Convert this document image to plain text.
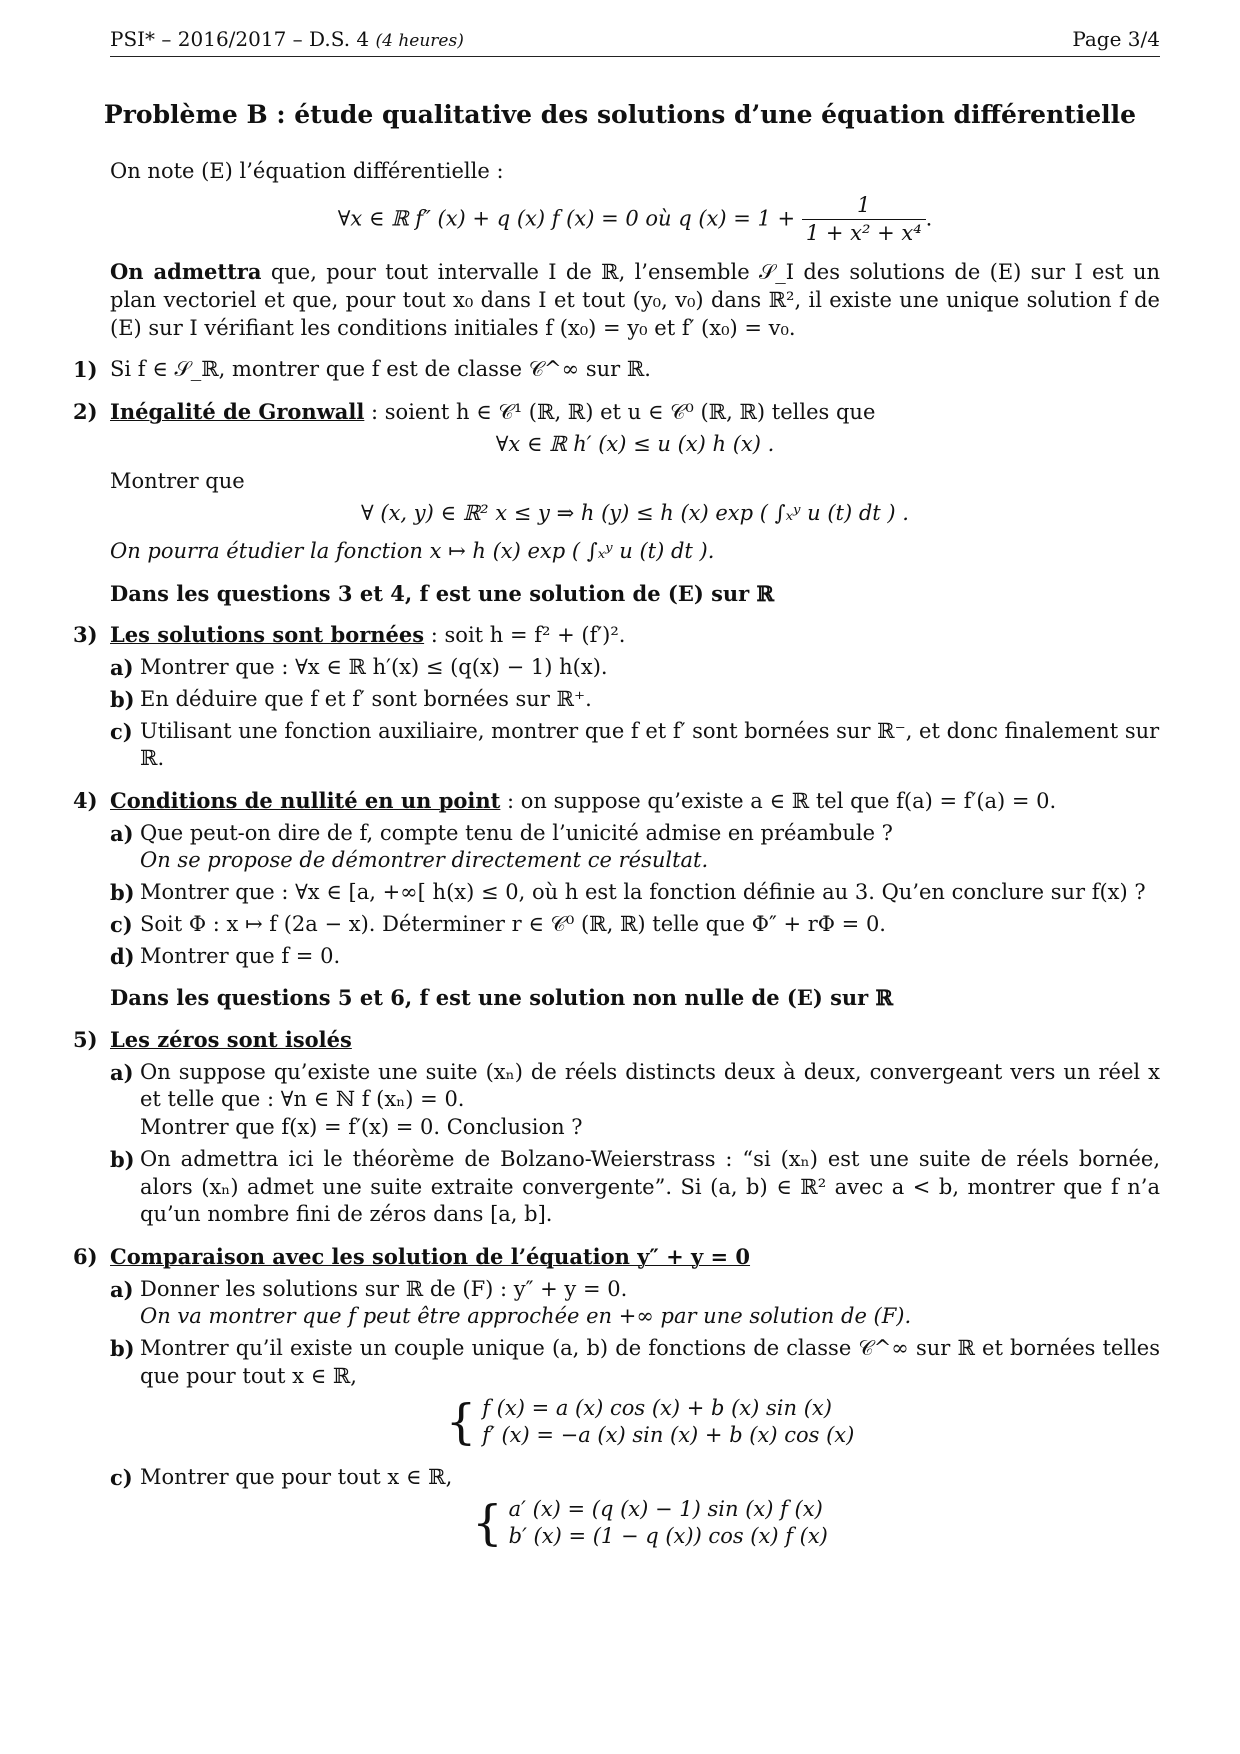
PSI* – 2016/2017 – D.S. 4 (4 heures)	Page 3/4
Problème B : étude qualitative des solutions d’une équation différentielle
On note (E) l’équation différentielle :
∀x ∈ ℝ f″ (x) + q (x) f (x) = 0 où q $(x) = 1 + \frac{1}{\text{1 + x² + x⁴}}$ .
On admettra que, pour tout intervalle I de ℝ, l’ensemble 𝒮_I des solutions de (E) sur I est un plan vectoriel et que, pour tout x₀ dans I et tout (y₀, v₀) dans ℝ², il existe une unique solution f de (E) sur I vérifiant les conditions initiales f (x₀) = y₀ et f′ (x₀) = v₀.
1) Si f ∈ 𝒮_ℝ, montrer que f est de classe 𝒞^∞ sur ℝ.
2) Inégalité de Gronwall : soient h ∈ 𝒞¹ (ℝ, ℝ) et u ∈ 𝒞⁰ (ℝ, ℝ) telles que
∀x ∈ ℝ h′ (x) ≤ u (x) h (x) .
Montrer que
∀ (x, y) ∈ ℝ² x ≤ y ⇒ h (y) ≤ h (x) exp ( ∫ₓʸ u (t) dt ) .
On pourra étudier la fonction x ↦ h (x) exp ( ∫ₓʸ u (t) dt ).
Dans les questions 3 et 4, f est une solution de (E) sur ℝ
3) Les solutions sont bornées : soit h = f² + (f′)².
a) Montrer que : ∀x ∈ ℝ h′(x) ≤ (q(x) − 1) h(x).
b) En déduire que f et f′ sont bornées sur ℝ⁺.
c) Utilisant une fonction auxiliaire, montrer que f et f′ sont bornées sur ℝ⁻, et donc finalement sur ℝ.
4) Conditions de nullité en un point : on suppose qu’existe a ∈ ℝ tel que f(a) = f′(a) = 0.
a) Que peut-on dire de f, compte tenu de l’unicité admise en préambule ?
On se propose de démontrer directement ce résultat.
b) Montrer que : ∀x ∈ [a, +∞[ h(x) ≤ 0, où h est la fonction définie au 3. Qu’en conclure sur f(x) ?
c) Soit Φ : x ↦ f (2a − x). Déterminer r ∈ 𝒞⁰ (ℝ, ℝ) telle que Φ″ + rΦ = 0.
d) Montrer que f = 0.
Dans les questions 5 et 6, f est une solution non nulle de (E) sur ℝ
5) Les zéros sont isolés
a) On suppose qu’existe une suite (xₙ) de réels distincts deux à deux, convergeant vers un réel x et telle que : ∀n ∈ ℕ f (xₙ) = 0.
Montrer que f(x) = f′(x) = 0. Conclusion ?
b) On admettra ici le théorème de Bolzano-Weierstrass : “si (xₙ) est une suite de réels bornée, alors (xₙ) admet une suite extraite convergente”. Si (a, b) ∈ ℝ² avec a < b, montrer que f n’a qu’un nombre fini de zéros dans [a, b].
6) Comparaison avec les solution de l’équation y″ + y = 0
a) Donner les solutions sur ℝ de (F) : y″ + y = 0.
On va montrer que f peut être approchée en +∞ par une solution de (F).
b) Montrer qu’il existe un couple unique (a, b) de fonctions de classe 𝒞^∞ sur ℝ et bornées telles que pour tout x ∈ ℝ,
{ f (x) = a (x) cos (x) + b (x) sin (x)
f′ (x) = −a (x) sin (x) + b (x) cos (x)
c) Montrer que pour tout x ∈ ℝ,
{ a′ (x) = (q (x) − 1) sin (x) f (x)
b′ (x) = (1 − q (x)) cos (x) f (x)
